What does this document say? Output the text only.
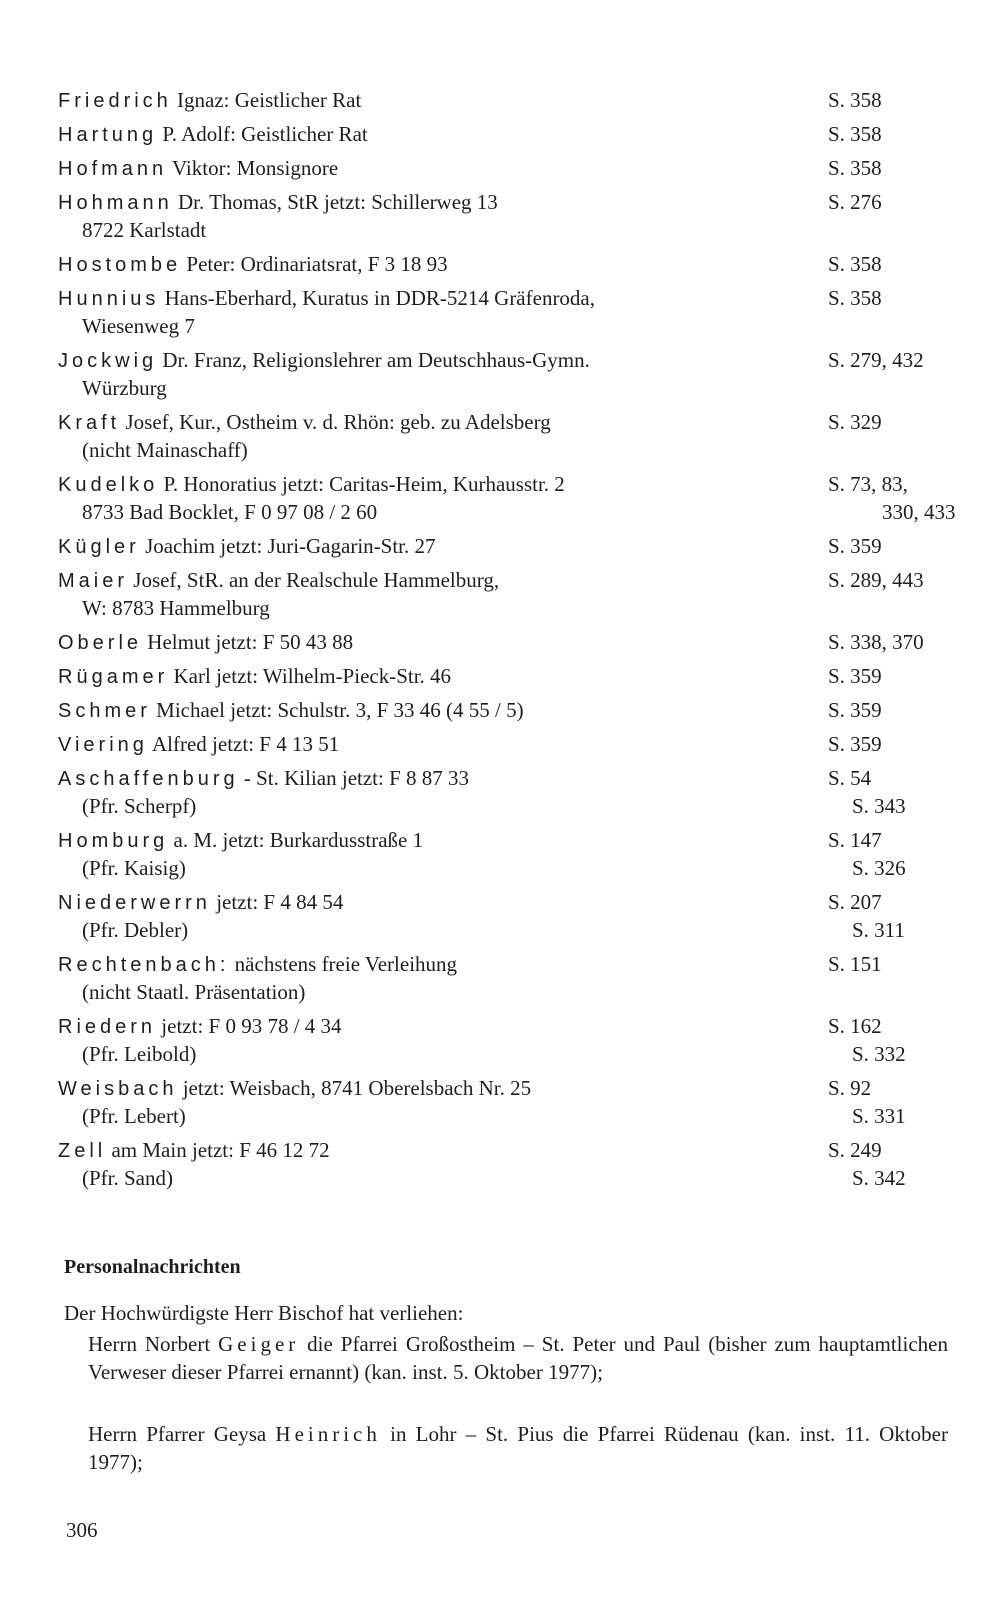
Friedrich Ignaz: Geistlicher Rat	S. 358
Hartung P. Adolf: Geistlicher Rat	S. 358
Hofmann Viktor: Monsignore	S. 358
Hohmann Dr. Thomas, StR jetzt: Schillerweg 13	S. 276
8722 Karlstadt
Hostombe Peter: Ordinariatsrat, F 3 18 93	S. 358
Hunnius Hans-Eberhard, Kuratus in DDR-5214 Gräfenroda,	S. 358
Wiesenweg 7
Jockwig Dr. Franz, Religionslehrer am Deutschhaus-Gymn.	S. 279, 432
Würzburg
Kraft Josef, Kur., Ostheim v. d. Rhön: geb. zu Adelsberg	S. 329
(nicht Mainaschaff)
Kudelko P. Honoratius jetzt: Caritas-Heim, Kurhausstr. 2	S. 73, 83,
8733 Bad Bocklet, F 0 97 08 / 2 60	330, 433
Kügler Joachim jetzt: Juri-Gagarin-Str. 27	S. 359
Maier Josef, StR. an der Realschule Hammelburg,	S. 289, 443
W: 8783 Hammelburg
Oberle Helmut jetzt: F 50 43 88	S. 338, 370
Rügamer Karl jetzt: Wilhelm-Pieck-Str. 46	S. 359
Schmer Michael jetzt: Schulstr. 3, F 33 46 (4 55 / 5)	S. 359
Viering Alfred jetzt: F 4 13 51	S. 359
Aschaffenburg - St. Kilian jetzt: F 8 87 33	S. 54
(Pfr. Scherpf)	S. 343
Homburg a. M. jetzt: Burkardusstraße 1	S. 147
(Pfr. Kaisig)	S. 326
Niederwerrn jetzt: F 4 84 54	S. 207
(Pfr. Debler)	S. 311
Rechtenbach: nächstens freie Verleihung	S. 151
(nicht Staatl. Präsentation)
Riedern jetzt: F 0 93 78 / 4 34	S. 162
(Pfr. Leibold)	S. 332
Weisbach jetzt: Weisbach, 8741 Oberelsbach Nr. 25	S. 92
(Pfr. Lebert)	S. 331
Zell am Main jetzt: F 46 12 72	S. 249
(Pfr. Sand)	S. 342
Personalnachrichten
Der Hochwürdigste Herr Bischof hat verliehen:
Herrn Norbert Geiger die Pfarrei Großostheim – St. Peter und Paul (bisher zum hauptamtlichen Verweser dieser Pfarrei ernannt) (kan. inst. 5. Oktober 1977);
Herrn Pfarrer Geysa Heinrich in Lohr – St. Pius die Pfarrei Rüdenau (kan. inst. 11. Oktober 1977);
306
